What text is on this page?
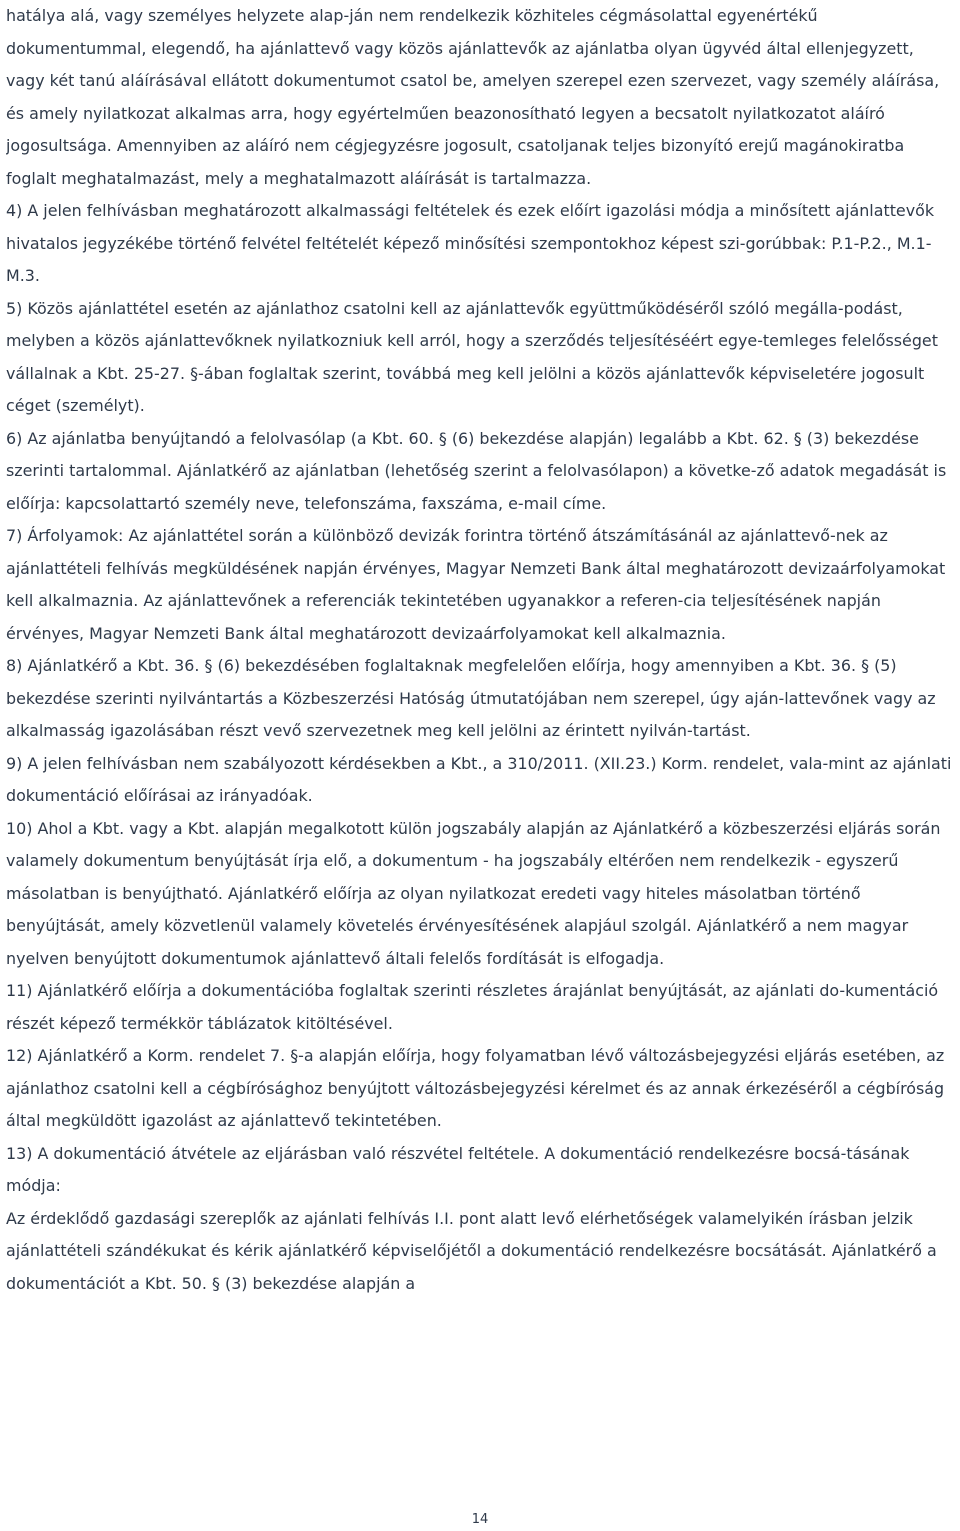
hatálya alá, vagy személyes helyzete alap-ján nem rendelkezik közhiteles cégmásolattal egyenértékű dokumentummal, elegendő, ha ajánlattevő vagy közös ajánlattevők az ajánlatba olyan ügyvéd által ellenjegyzett, vagy két tanú aláírásával ellátott dokumentumot csatol be, amelyen szerepel ezen szervezet, vagy személy aláírása, és amely nyilatkozat alkalmas arra, hogy egyértelműen beazonosítható legyen a becsatolt nyilatkozatot aláíró jogosultsága. Amennyiben az aláíró nem cégjegyzésre jogosult, csatoljanak teljes bizonyító erejű magánokiratba foglalt meghatalmazást, mely a meghatalmazott aláírását is tartalmazza.

4) A jelen felhívásban meghatározott alkalmassági feltételek és ezek előírt igazolási módja a minősített ajánlattevők hivatalos jegyzékébe történő felvétel feltételét képező minősítési szempontokhoz képest szi-gorúbbak: P.1-P.2., M.1-M.3.

5) Közös ajánlattétel esetén az ajánlathoz csatolni kell az ajánlattevők együttműködéséről szóló megálla-podást, melyben a közös ajánlattevőknek nyilatkozniuk kell arról, hogy a szerződés teljesítéséért egye-temleges felelősséget vállalnak a Kbt. 25-27. §-ában foglaltak szerint, továbbá meg kell jelölni a közös ajánlattevők képviseletére jogosult céget (személyt).

6) Az ajánlatba benyújtandó a felolvasólap (a Kbt. 60. § (6) bekezdése alapján) legalább a Kbt. 62. § (3) bekezdése szerinti tartalommal. Ajánlatkérő az ajánlatban (lehetőség szerint a felolvasólapon) a követke-ző adatok megadását is előírja: kapcsolattartó személy neve, telefonszáma, faxszáma, e-mail címe.

7) Árfolyamok: Az ajánlattétel során a különböző devizák forintra történő átszámításánál az ajánlattevő-nek az ajánlattételi felhívás megküldésének napján érvényes, Magyar Nemzeti Bank által meghatározott devizaárfolyamokat kell alkalmaznia. Az ajánlattevőnek a referenciák tekintetében ugyanakkor a referen-cia teljesítésének napján érvényes, Magyar Nemzeti Bank által meghatározott devizaárfolyamokat kell alkalmaznia.

8) Ajánlatkérő a Kbt. 36. § (6) bekezdésében foglaltaknak megfelelően előírja, hogy amennyiben a Kbt. 36. § (5) bekezdése szerinti nyilvántartás a Közbeszerzési Hatóság útmutatójában nem szerepel, úgy aján-lattevőnek vagy az alkalmasság igazolásában részt vevő szervezetnek meg kell jelölni az érintett nyilván-tartást.

9) A jelen felhívásban nem szabályozott kérdésekben a Kbt., a 310/2011. (XII.23.) Korm. rendelet, vala-mint az ajánlati dokumentáció előírásai az irányadóak.

10) Ahol a Kbt. vagy a Kbt. alapján megalkotott külön jogszabály alapján az Ajánlatkérő a közbeszerzési eljárás során valamely dokumentum benyújtását írja elő, a dokumentum - ha jogszabály eltérően nem rendelkezik - egyszerű másolatban is benyújtható. Ajánlatkérő előírja az olyan nyilatkozat eredeti vagy hiteles másolatban történő benyújtását, amely közvetlenül valamely követelés érvényesítésének alapjául szolgál. Ajánlatkérő a nem magyar nyelven benyújtott dokumentumok ajánlattevő általi felelős fordítását is elfogadja.

11) Ajánlatkérő előírja a dokumentációba foglaltak szerinti részletes árajánlat benyújtását, az ajánlati do-kumentáció részét képező termékkör táblázatok kitöltésével.

12) Ajánlatkérő a Korm. rendelet 7. §-a alapján előírja, hogy folyamatban lévő változásbejegyzési eljárás esetében, az ajánlathoz csatolni kell a cégbírósághoz benyújtott változásbejegyzési kérelmet és az annak érkezéséről a cégbíróság által megküldött igazolást az ajánlattevő tekintetében.

13) A dokumentáció átvétele az eljárásban való részvétel feltétele. A dokumentáció rendelkezésre bocsá-tásának módja:

Az érdeklődő gazdasági szereplők az ajánlati felhívás I.I. pont alatt levő elérhetőségek valamelyikén írásban jelzik ajánlattételi szándékukat és kérik ajánlatkérő képviselőjétől a dokumentáció rendelkezésre bocsátását. Ajánlatkérő a dokumentációt a Kbt. 50. § (3) bekezdése alapján a

14
